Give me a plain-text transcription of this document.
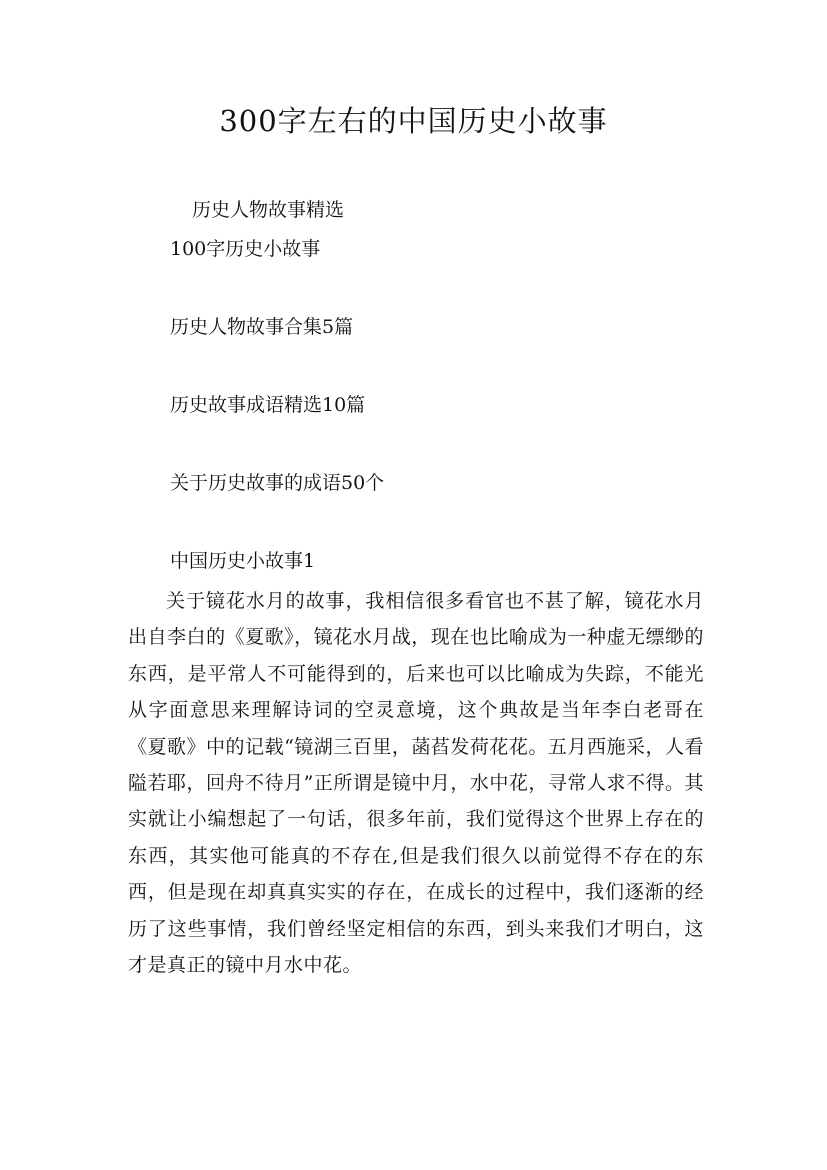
300字左右的中国历史小故事

历史人物故事精选

100字历史小故事

历史人物故事合集5篇

历史故事成语精选10篇

关于历史故事的成语50个

中国历史小故事1

关于镜花水月的故事，我相信很多看官也不甚了解，镜花水月出自李白的《夏歌》，镜花水月战，现在也比喻成为一种虚无缥缈的东西，是平常人不可能得到的，后来也可以比喻成为失踪，不能光从字面意思来理解诗词的空灵意境，这个典故是当年李白老哥在《夏歌》中的记载“镜湖三百里，菡萏发荷花花。五月西施采，人看隘若耶，回舟不待月”正所谓是镜中月，水中花，寻常人求不得。其实就让小编想起了一句话，很多年前，我们觉得这个世界上存在的东西，其实他可能真的不存在,但是我们很久以前觉得不存在的东西，但是现在却真真实实的存在，在成长的过程中，我们逐渐的经历了这些事情，我们曾经坚定相信的东西，到头来我们才明白，这才是真正的镜中月水中花。
